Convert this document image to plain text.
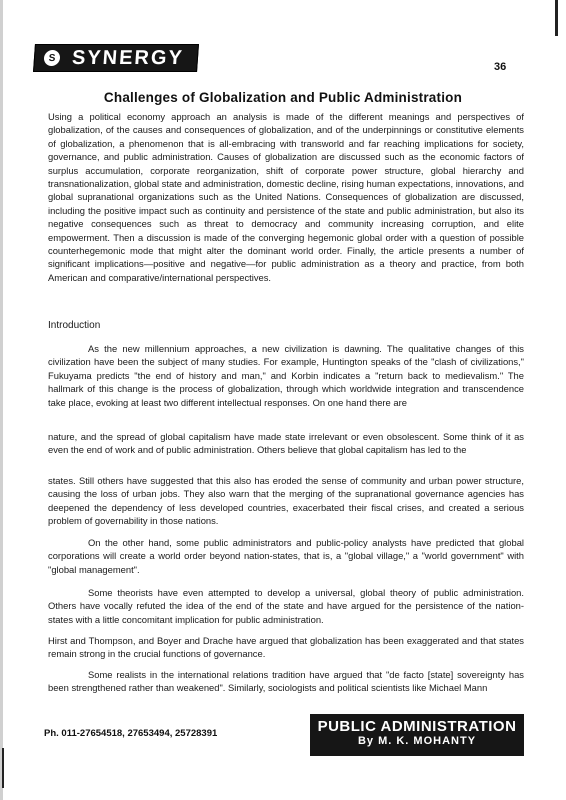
S SYNERGY	36
Challenges of Globalization and Public Administration

Using a political economy approach an analysis is made of the different meanings and perspectives of globalization, of the causes and consequences of globalization, and of the underpinnings or constitutive elements of globalization, a phenomenon that is all-embracing with transworld and far reaching implications for society, governance, and public administration. Causes of globalization are discussed such as the economic factors of surplus accumulation, corporate reorganization, shift of corporate power structure, global hierarchy and transnationalization, global state and administration, domestic decline, rising human expectations, innovations, and global supranational organizations such as the United Nations. Consequences of globalization are discussed, including the positive impact such as continuity and persistence of the state and public administration, but also its negative consequences such as threat to democracy and community increasing corruption, and elite empowerment. Then a discussion is made of the converging hegemonic global order with a question of possible counterhegemonic mode that might alter the dominant world order. Finally, the article presents a number of significant implications—positive and negative—for public administration as a theory and practice, from both American and comparative/international perspectives.

Introduction

As the new millennium approaches, a new civilization is dawning. The qualitative changes of this civilization have been the subject of many studies. For example, Huntington speaks of the "clash of civilizations," Fukuyama predicts "the end of history and man," and Korbin indicates a "return back to medievalism." The hallmark of this change is the process of globalization, through which worldwide integration and transcendence take place, evoking at least two different intellectual responses. On one hand there are

nature, and the spread of global capitalism have made state irrelevant or even obsolescent. Some think of it as even the end of work and of public administration. Others believe that global capitalism has led to the

states. Still others have suggested that this also has eroded the sense of community and urban power structure, causing the loss of urban jobs. They also warn that the merging of the supranational governance agencies has deepened the dependency of less developed countries, exacerbated their fiscal crises, and created a serious problem of governability in those nations.

On the other hand, some public administrators and public-policy analysts have predicted that global corporations will create a world order beyond nation-states, that is, a "global village," a "world government" with "global management".

Some theorists have even attempted to develop a universal, global theory of public administration. Others have vocally refuted the idea of the end of the state and have argued for the persistence of the nation-states with a little concomitant implication for public administration.

Hirst and Thompson, and Boyer and Drache have argued that globalization has been exaggerated and that states remain strong in the crucial functions of governance.

Some realists in the international relations tradition have argued that "de facto [state] sovereignty has been strengthened rather than weakened". Similarly, sociologists and political scientists like Michael Mann

Ph. 011-27654518, 27653494, 25728391	PUBLIC ADMINISTRATION
By M. K. MOHANTY
